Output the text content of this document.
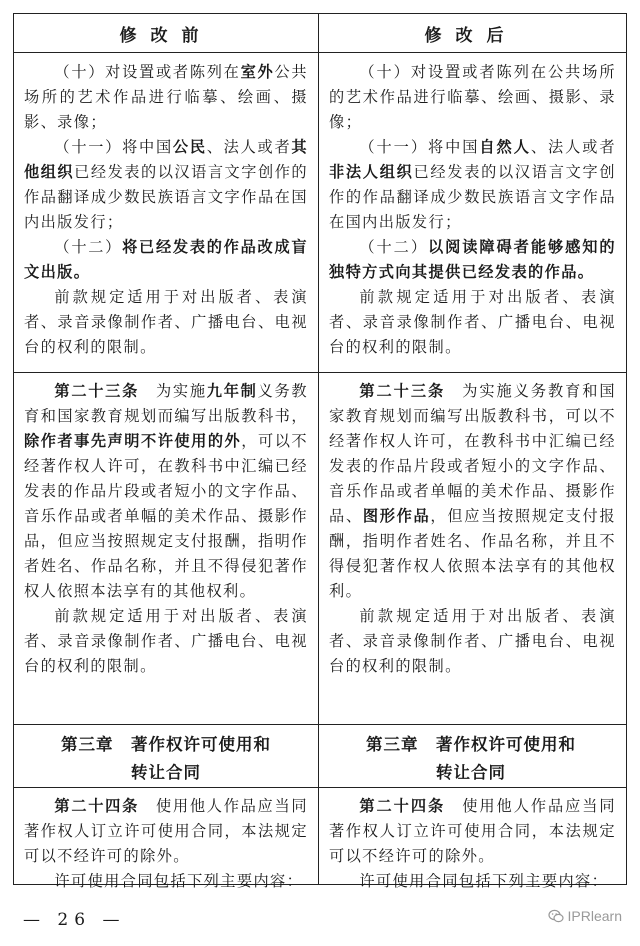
修改前	修改后

（十）对设置或者陈列在室外公共场所的艺术作品进行临摹、绘画、摄影、录像；

（十一）将中国公民、法人或者其他组织已经发表的以汉语言文字创作的作品翻译成少数民族语言文字作品在国内出版发行；

（十二）将已经发表的作品改成盲文出版。

前款规定适用于对出版者、表演者、录音录像制作者、广播电台、电视台的权利的限制。

（十）对设置或者陈列在公共场所的艺术作品进行临摹、绘画、摄影、录像；

（十一）将中国自然人、法人或者非法人组织已经发表的以汉语言文字创作的作品翻译成少数民族语言文字作品在国内出版发行；

（十二）以阅读障碍者能够感知的独特方式向其提供已经发表的作品。

前款规定适用于对出版者、表演者、录音录像制作者、广播电台、电视台的权利的限制。

第二十三条　为实施九年制义务教育和国家教育规划而编写出版教科书，除作者事先声明不许使用的外，可以不经著作权人许可，在教科书中汇编已经发表的作品片段或者短小的文字作品、音乐作品或者单幅的美术作品、摄影作品，但应当按照规定支付报酬，指明作者姓名、作品名称，并且不得侵犯著作权人依照本法享有的其他权利。

前款规定适用于对出版者、表演者、录音录像制作者、广播电台、电视台的权利的限制。

第二十三条　为实施义务教育和国家教育规划而编写出版教科书，可以不经著作权人许可，在教科书中汇编已经发表的作品片段或者短小的文字作品、音乐作品或者单幅的美术作品、摄影作品、图形作品，但应当按照规定支付报酬，指明作者姓名、作品名称，并且不得侵犯著作权人依照本法享有的其他权利。

前款规定适用于对出版者、表演者、录音录像制作者、广播电台、电视台的权利的限制。

第三章　著作权许可使用和
转让合同
第三章　著作权许可使用和
转让合同

第二十四条　使用他人作品应当同著作权人订立许可使用合同，本法规定可以不经许可的除外。

许可使用合同包括下列主要内容：

第二十四条　使用他人作品应当同著作权人订立许可使用合同，本法规定可以不经许可的除外。

许可使用合同包括下列主要内容：

— 26 —	IPRlearn
